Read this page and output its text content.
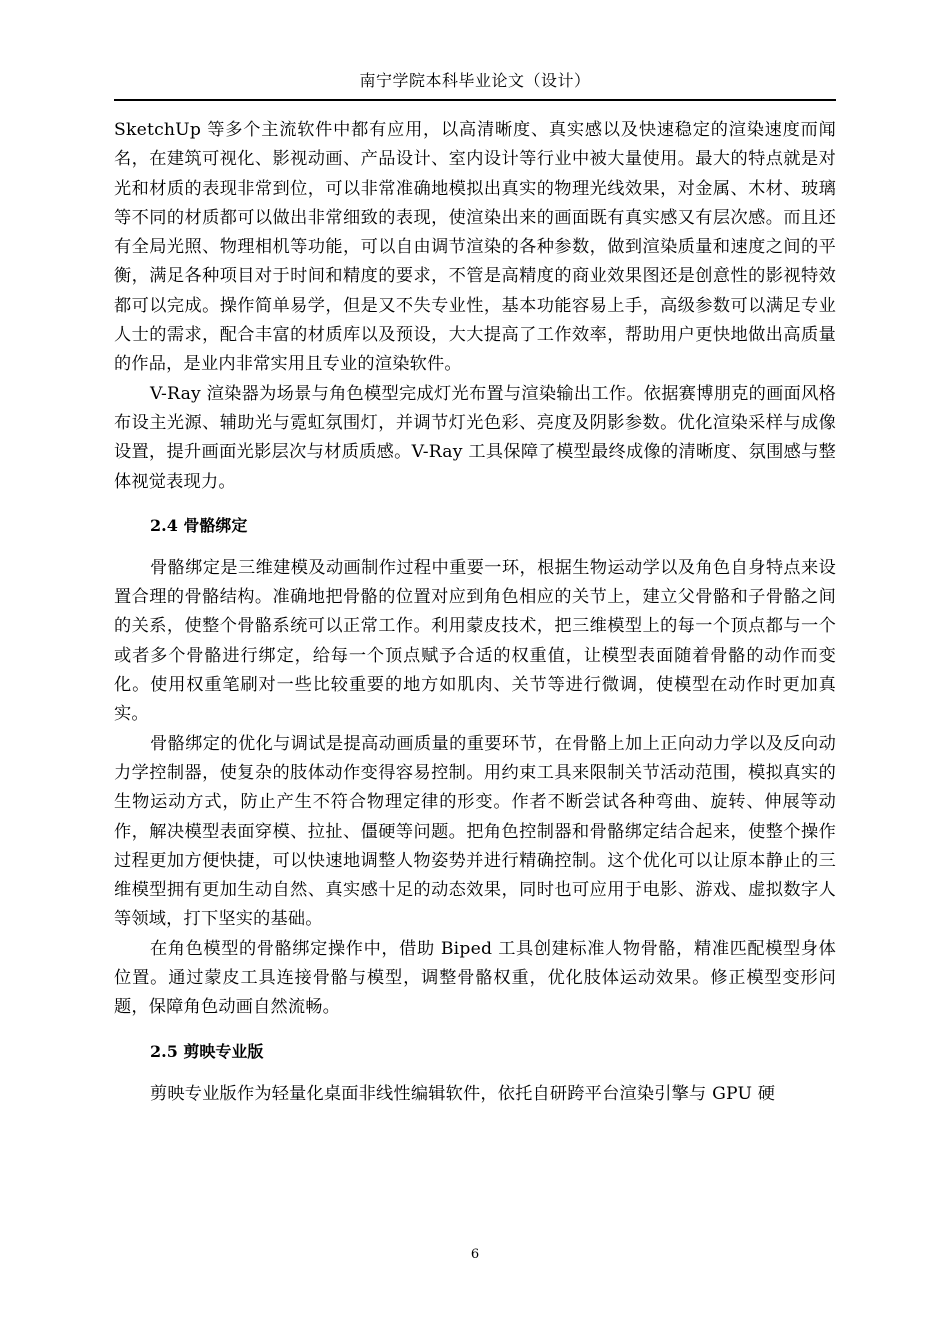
南宁学院本科毕业论文（设计）

SketchUp 等多个主流软件中都有应用，以高清晰度、真实感以及快速稳定的渲染速度而闻名，在建筑可视化、影视动画、产品设计、室内设计等行业中被大量使用。最大的特点就是对光和材质的表现非常到位，可以非常准确地模拟出真实的物理光线效果，对金属、木材、玻璃等不同的材质都可以做出非常细致的表现，使渲染出来的画面既有真实感又有层次感。而且还有全局光照、物理相机等功能，可以自由调节渲染的各种参数，做到渲染质量和速度之间的平衡，满足各种项目对于时间和精度的要求，不管是高精度的商业效果图还是创意性的影视特效都可以完成。操作简单易学，但是又不失专业性，基本功能容易上手，高级参数可以满足专业人士的需求，配合丰富的材质库以及预设，大大提高了工作效率，帮助用户更快地做出高质量的作品，是业内非常实用且专业的渲染软件。

V-Ray 渲染器为场景与角色模型完成灯光布置与渲染输出工作。依据赛博朋克的画面风格布设主光源、辅助光与霓虹氛围灯，并调节灯光色彩、亮度及阴影参数。优化渲染采样与成像设置，提升画面光影层次与材质质感。V-Ray 工具保障了模型最终成像的清晰度、氛围感与整体视觉表现力。

2.4 骨骼绑定

骨骼绑定是三维建模及动画制作过程中重要一环，根据生物运动学以及角色自身特点来设置合理的骨骼结构。准确地把骨骼的位置对应到角色相应的关节上，建立父骨骼和子骨骼之间的关系，使整个骨骼系统可以正常工作。利用蒙皮技术，把三维模型上的每一个顶点都与一个或者多个骨骼进行绑定，给每一个顶点赋予合适的权重值，让模型表面随着骨骼的动作而变化。使用权重笔刷对一些比较重要的地方如肌肉、关节等进行微调，使模型在动作时更加真实。

骨骼绑定的优化与调试是提高动画质量的重要环节，在骨骼上加上正向动力学以及反向动力学控制器，使复杂的肢体动作变得容易控制。用约束工具来限制关节活动范围，模拟真实的生物运动方式，防止产生不符合物理定律的形变。作者不断尝试各种弯曲、旋转、伸展等动作，解决模型表面穿模、拉扯、僵硬等问题。把角色控制器和骨骼绑定结合起来，使整个操作过程更加方便快捷，可以快速地调整人物姿势并进行精确控制。这个优化可以让原本静止的三维模型拥有更加生动自然、真实感十足的动态效果，同时也可应用于电影、游戏、虚拟数字人等领域，打下坚实的基础。

在角色模型的骨骼绑定操作中，借助 Biped 工具创建标准人物骨骼，精准匹配模型身体位置。通过蒙皮工具连接骨骼与模型，调整骨骼权重，优化肢体运动效果。修正模型变形问题，保障角色动画自然流畅。

2.5 剪映专业版

剪映专业版作为轻量化桌面非线性编辑软件，依托自研跨平台渲染引擎与 GPU 硬

6
